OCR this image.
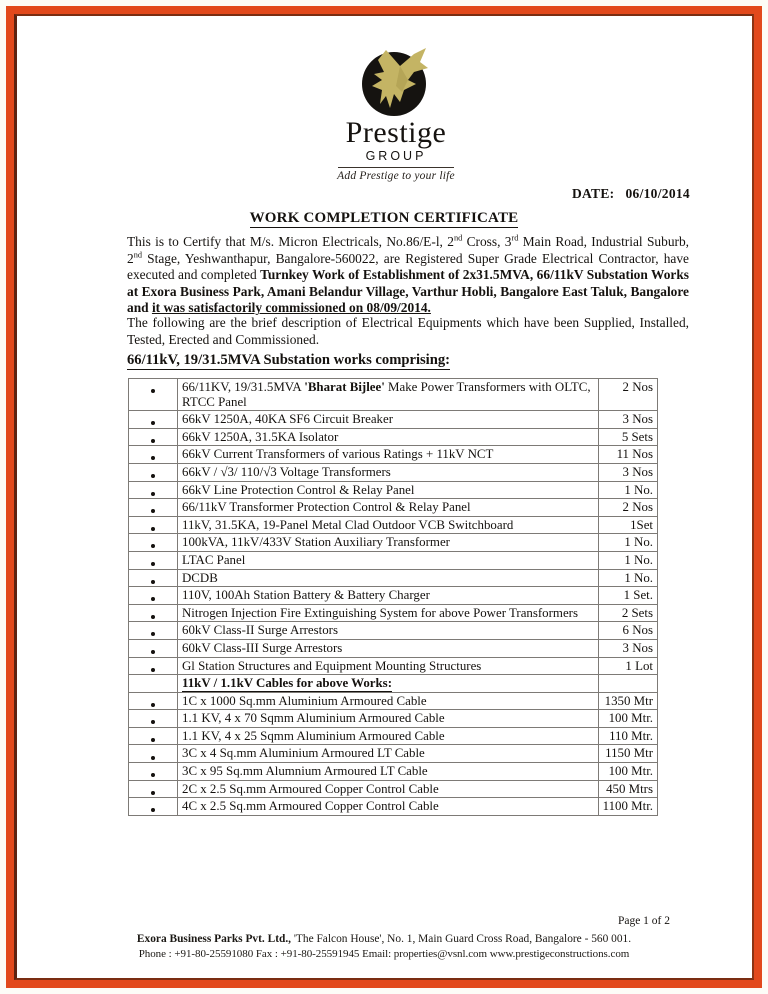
Prestige
GROUP
Add Prestige to your life
DATE: 06/10/2014
WORK COMPLETION CERTIFICATE
This is to Certify that M/s. Micron Electricals, No.86/E-l, 2nd Cross, 3rd Main Road, Industrial Suburb, 2nd Stage, Yeshwanthapur, Bangalore-560022, are Registered Super Grade Electrical Contractor, have executed and completed Turnkey Work of Establishment of 2x31.5MVA, 66/11kV Substation Works at Exora Business Park, Amani Belandur Village, Varthur Hobli, Bangalore East Taluk, Bangalore and it was satisfactorily commissioned on 08/09/2014.
The following are the brief description of Electrical Equipments which have been Supplied, Installed, Tested, Erected and Commissioned.
66/11kV, 19/31.5MVA Substation works comprising:
	66/11KV, 19/31.5MVA 'Bharat Bijlee' Make Power Transformers with OLTC, RTCC Panel	2 Nos
	66kV 1250A, 40KA SF6 Circuit Breaker	3 Nos
	66kV 1250A, 31.5KA Isolator	5 Sets
	66kV Current Transformers of various Ratings + 11kV NCT	11 Nos
	66kV / √3/ 110/√3 Voltage Transformers	3 Nos
	66kV Line Protection Control & Relay Panel	1 No.
	66/11kV Transformer Protection Control & Relay Panel	2 Nos
	11kV, 31.5KA, 19-Panel Metal Clad Outdoor VCB Switchboard	1Set
	100kVA, 11kV/433V Station Auxiliary Transformer	1 No.
	LTAC Panel	1 No.
	DCDB	1 No.
	110V, 100Ah Station Battery & Battery Charger	1 Set.
	Nitrogen Injection Fire Extinguishing System for above Power Transformers	2 Sets
	60kV Class-II Surge Arrestors	6 Nos
	60kV Class-III Surge Arrestors	3 Nos
	Gl Station Structures and Equipment Mounting Structures	1 Lot
	11kV / 1.1kV Cables for above Works:	
	1C x 1000 Sq.mm Aluminium Armoured Cable	1350 Mtr
	1.1 KV, 4 x 70 Sqmm Aluminium Armoured Cable	100 Mtr.
	1.1 KV, 4 x 25 Sqmm Aluminium Armoured Cable	110 Mtr.
	3C x 4 Sq.mm Aluminium Armoured LT Cable	1150 Mtr
	3C x 95 Sq.mm Alumnium Armoured LT Cable	100 Mtr.
	2C x 2.5 Sq.mm Armoured Copper Control Cable	450 Mtrs
	4C x 2.5 Sq.mm Armoured Copper Control Cable	1100 Mtr.
Page 1 of 2
Exora Business Parks Pvt. Ltd., 'The Falcon House', No. 1, Main Guard Cross Road, Bangalore - 560 001.
Phone : +91-80-25591080 Fax : +91-80-25591945 Email: properties@vsnl.com www.prestigeconstructions.com
